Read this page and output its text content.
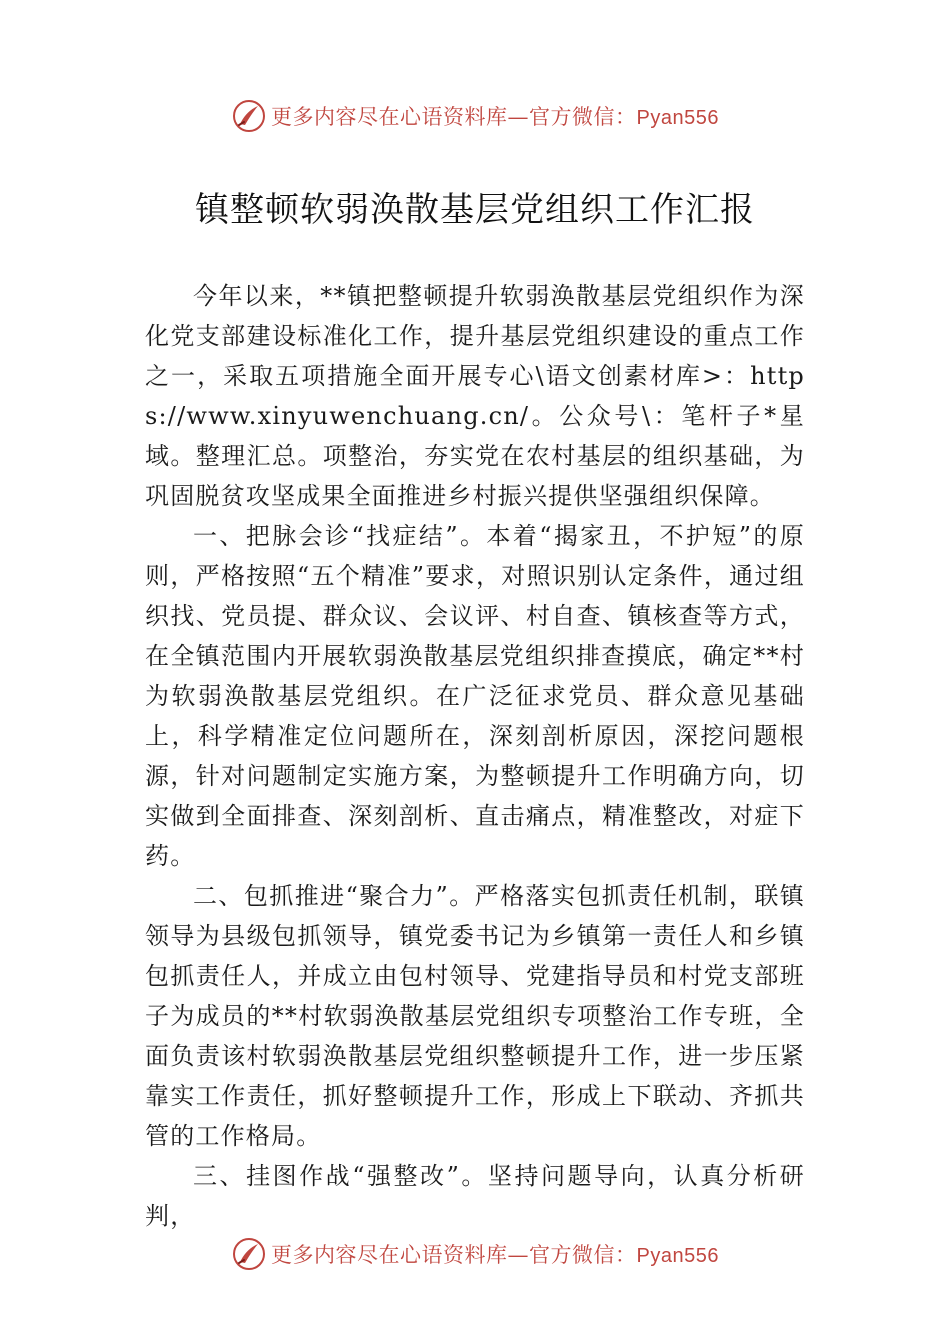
更多内容尽在心语资料库—官方微信：Pyan556
镇整顿软弱涣散基层党组织工作汇报

今年以来，**镇把整顿提升软弱涣散基层党组织作为深化党支部建设标准化工作，提升基层党组织建设的重点工作之一，采取五项措施全面开展专心\语文创素材库>：https://www.xinyuwenchuang.cn/。公众号\：笔杆子*星域。整理汇总。项整治，夯实党在农村基层的组织基础，为巩固脱贫攻坚成果全面推进乡村振兴提供坚强组织保障。

一、把脉会诊“找症结”。本着“揭家丑，不护短”的原则，严格按照“五个精准”要求，对照识别认定条件，通过组织找、党员提、群众议、会议评、村自查、镇核查等方式，在全镇范围内开展软弱涣散基层党组织排查摸底，确定**村为软弱涣散基层党组织。在广泛征求党员、群众意见基础上，科学精准定位问题所在，深刻剖析原因，深挖问题根源，针对问题制定实施方案，为整顿提升工作明确方向，切实做到全面排查、深刻剖析、直击痛点，精准整改，对症下药。

二、包抓推进“聚合力”。严格落实包抓责任机制，联镇领导为县级包抓领导，镇党委书记为乡镇第一责任人和乡镇包抓责任人，并成立由包村领导、党建指导员和村党支部班子为成员的**村软弱涣散基层党组织专项整治工作专班，全面负责该村软弱涣散基层党组织整顿提升工作，进一步压紧靠实工作责任，抓好整顿提升工作，形成上下联动、齐抓共管的工作格局。

三、挂图作战“强整改”。坚持问题导向，认真分析研判，

更多内容尽在心语资料库—官方微信：Pyan556
